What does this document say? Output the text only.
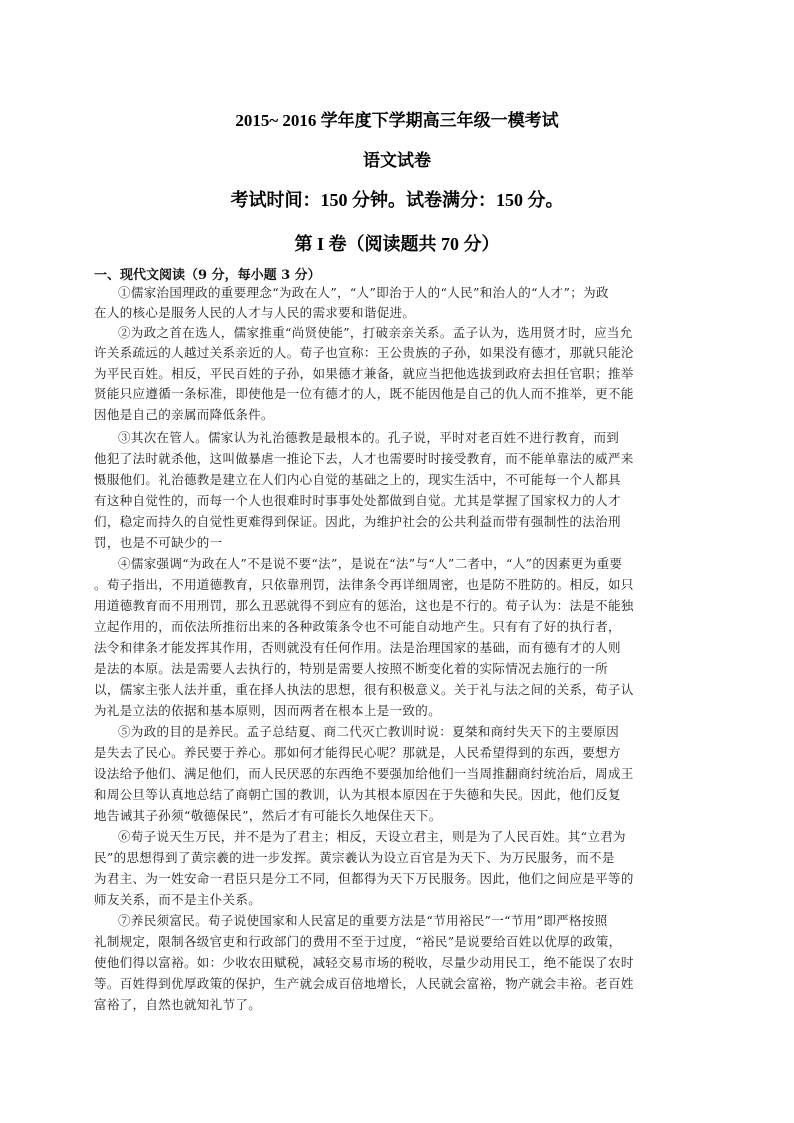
2015~ 2016 学年度下学期高三年级一模考试
语文试卷
考试时间：150 分钟。试卷满分：150 分。
第 I 卷（阅读题共 70 分）
一、现代文阅读（9 分，每小题 3 分）
①儒家治国理政的重要理念“为政在人”，“人”即治于人的“人民”和治人的“人才”；为政
在人的核心是服务人民的人才与人民的需求要和谐促进。
②为政之首在选人，儒家推重“尚贤使能”，打破亲亲关系。孟子认为，选用贤才时，应当允
许关系疏远的人越过关系亲近的人。荀子也宣称：王公贵族的子孙，如果没有德才，那就只能沦
为平民百姓。相反，平民百姓的子孙，如果德才兼备，就应当把他选拔到政府去担任官职；推举
贤能只应遵循一条标准，即使他是一位有德才的人，既不能因他是自己的仇人而不推举，更不能
因他是自己的亲属而降低条件。
③其次在管人。儒家认为礼治德教是最根本的。孔子说，平时对老百姓不进行教育，而到
他犯了法时就杀他，这叫做暴虐一推论下去，人才也需要时时接受教育，而不能单靠法的威严来
慑服他们。礼治德教是建立在人们内心自觉的基础之上的，现实生活中，不可能每一个人都具
有这种自觉性的，而每一个人也很难时时事事处处都做到自觉。尤其是掌握了国家权力的人才
们，稳定而持久的自觉性更难得到保证。因此，为维护社会的公共利益而带有强制性的法治刑
罚，也是不可缺少的一
④儒家强调“为政在人”不是说不要“法”，是说在“法”与“人”二者中，“人”的因素更为重要
。荀子指出，不用道德教育，只依靠刑罚，法律条令再详细周密，也是防不胜防的。相反，如只
用道德教育而不用刑罚，那么丑恶就得不到应有的惩治，这也是不行的。荀子认为：法是不能独
立起作用的，而依法所推衍出来的各种政策条令也不可能自动地产生。只有有了好的执行者，
法令和律条才能发挥其作用，否则就没有任何作用。法是治理国家的基础，而有德有才的人则
是法的本原。法是需要人去执行的，特别是需要人按照不断变化着的实际情况去施行的一所
以，儒家主张人法并重，重在择人执法的思想，很有积极意义。关于礼与法之间的关系，荀子认
为礼是立法的依据和基本原则，因而两者在根本上是一致的。
⑤为政的目的是养民。孟子总结夏、商二代灭亡教训时说：夏桀和商纣失天下的主要原因
是失去了民心。养民要于养心。那如何才能得民心呢？那就是，人民希望得到的东西，要想方
设法给予他们、满足他们，而人民厌恶的东西绝不要强加给他们一当周推翻商纣统治后，周成王
和周公旦等认真地总结了商朝亡国的教训，认为其根本原因在于失德和失民。因此，他们反复
地告诫其子孙须“敬德保民”，然后才有可能长久地保住天下。
⑥荀子说天生万民，并不是为了君主；相反，天设立君主，则是为了人民百姓。其“立君为
民”的思想得到了黄宗羲的进一步发挥。黄宗羲认为设立百官是为天下、为万民服务，而不是
为君主、为一姓安命一君臣只是分工不同，但都得为天下万民服务。因此，他们之间应是平等的
师友关系，而不是主仆关系。
⑦养民须富民。荀子说使国家和人民富足的重要方法是“节用裕民”一“节用”即严格按照
礼制规定，限制各级官吏和行政部门的费用不至于过度，“裕民”是说要给百姓以优厚的政策，
使他们得以富裕。如：少收农田赋税，减轻交易市场的税收，尽量少动用民工，绝不能误了农时
等。百姓得到优厚政策的保护，生产就会成百倍地增长，人民就会富裕，物产就会丰裕。老百姓
富裕了，自然也就知礼节了。
